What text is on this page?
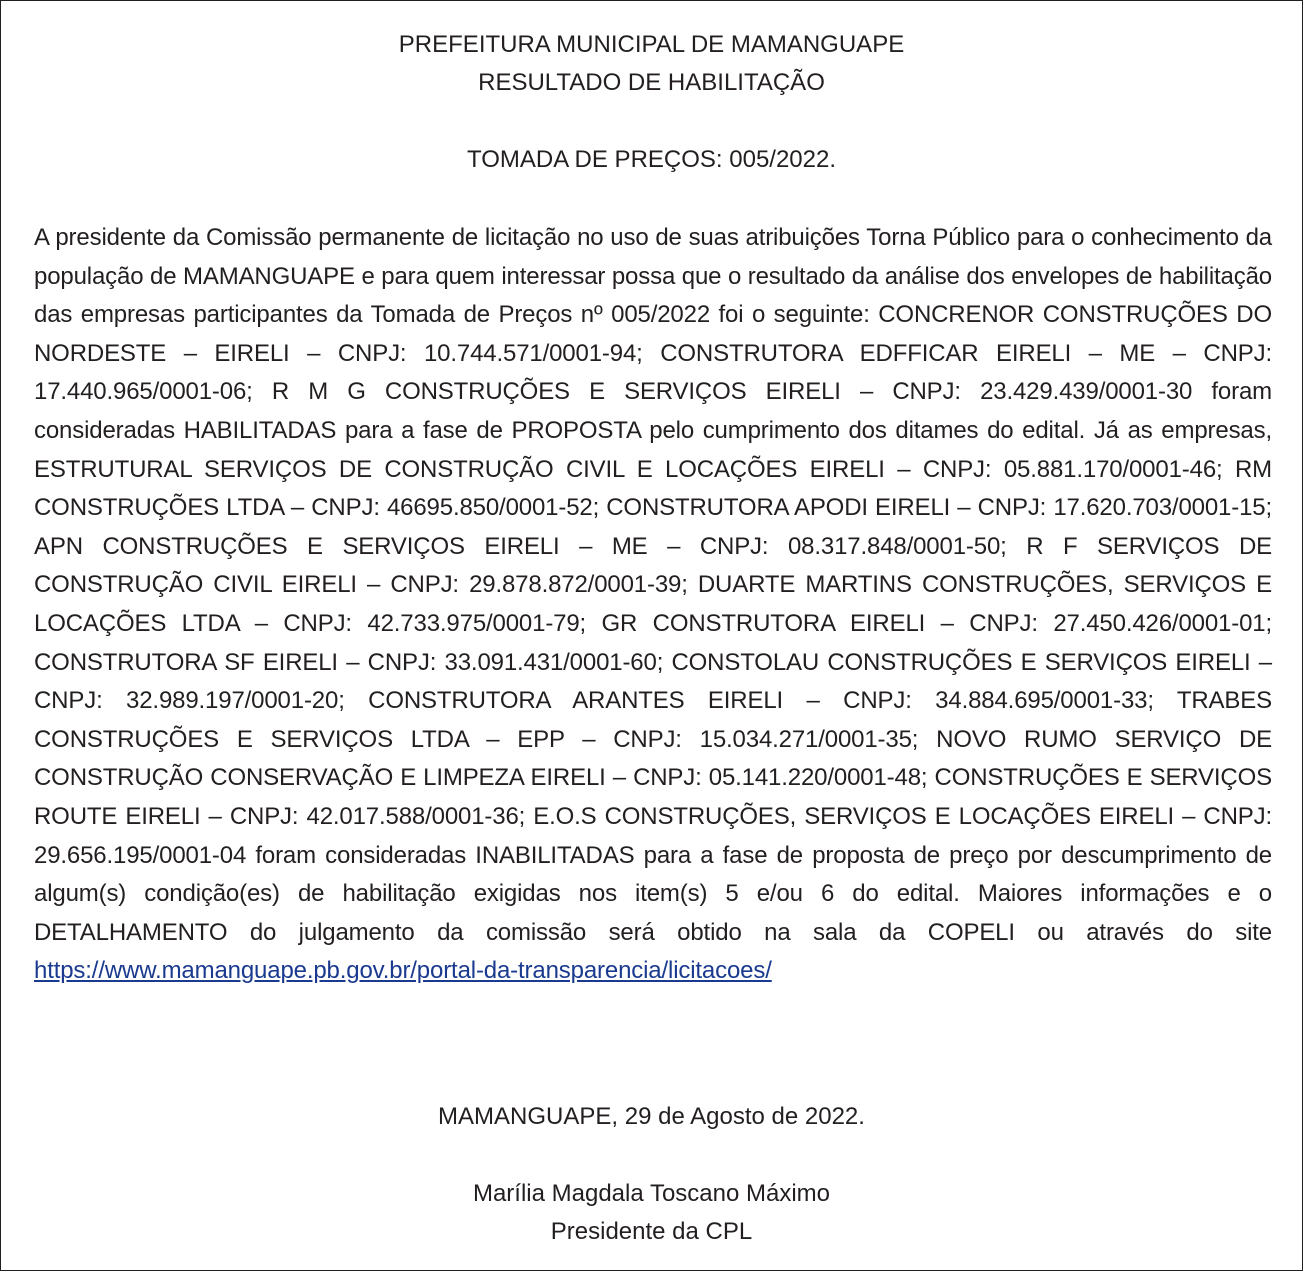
PREFEITURA MUNICIPAL DE MAMANGUAPE
RESULTADO DE HABILITAÇÃO
TOMADA DE PREÇOS: 005/2022.
A presidente da Comissão permanente de licitação no uso de suas atribuições Torna Público para o conhecimento da população de MAMANGUAPE e para quem interessar possa que o resultado da análise dos envelopes de habilitação das empresas participantes da Tomada de Preços nº 005/2022 foi o seguinte: CONCRENOR CONSTRUÇÕES DO NORDESTE – EIRELI – CNPJ: 10.744.571/0001-94; CONSTRUTORA EDFFICAR EIRELI – ME – CNPJ: 17.440.965/0001-06; R M G CONSTRUÇÕES E SERVIÇOS EIRELI – CNPJ: 23.429.439/0001-30 foram consideradas HABILITADAS para a fase de PROPOSTA pelo cumprimento dos ditames do edital. Já as empresas, ESTRUTURAL SERVIÇOS DE CONSTRUÇÃO CIVIL E LOCAÇÕES EIRELI – CNPJ: 05.881.170/0001-46; RM CONSTRUÇÕES LTDA – CNPJ: 46695.850/0001-52; CONSTRUTORA APODI EIRELI – CNPJ: 17.620.703/0001-15; APN CONSTRUÇÕES E SERVIÇOS EIRELI – ME – CNPJ: 08.317.848/0001-50; R F SERVIÇOS DE CONSTRUÇÃO CIVIL EIRELI – CNPJ: 29.878.872/0001-39; DUARTE MARTINS CONSTRUÇÕES, SERVIÇOS E LOCAÇÕES LTDA – CNPJ: 42.733.975/0001-79; GR CONSTRUTORA EIRELI – CNPJ: 27.450.426/0001-01; CONSTRUTORA SF EIRELI – CNPJ: 33.091.431/0001-60; CONSTOLAU CONSTRUÇÕES E SERVIÇOS EIRELI – CNPJ: 32.989.197/0001-20; CONSTRUTORA ARANTES EIRELI – CNPJ: 34.884.695/0001-33; TRABES CONSTRUÇÕES E SERVIÇOS LTDA – EPP – CNPJ: 15.034.271/0001-35; NOVO RUMO SERVIÇO DE CONSTRUÇÃO CONSERVAÇÃO E LIMPEZA EIRELI – CNPJ: 05.141.220/0001-48; CONSTRUÇÕES E SERVIÇOS ROUTE EIRELI – CNPJ: 42.017.588/0001-36; E.O.S CONSTRUÇÕES, SERVIÇOS E LOCAÇÕES EIRELI – CNPJ: 29.656.195/0001-04 foram consideradas INABILITADAS para a fase de proposta de preço por descumprimento de algum(s) condição(es) de habilitação exigidas nos item(s) 5 e/ou 6 do edital. Maiores informações e o DETALHAMENTO do julgamento da comissão será obtido na sala da COPELI ou através do site https://www.mamanguape.pb.gov.br/portal-da-transparencia/licitacoes/
MAMANGUAPE, 29 de Agosto de 2022.
Marília Magdala Toscano Máximo
Presidente da CPL
